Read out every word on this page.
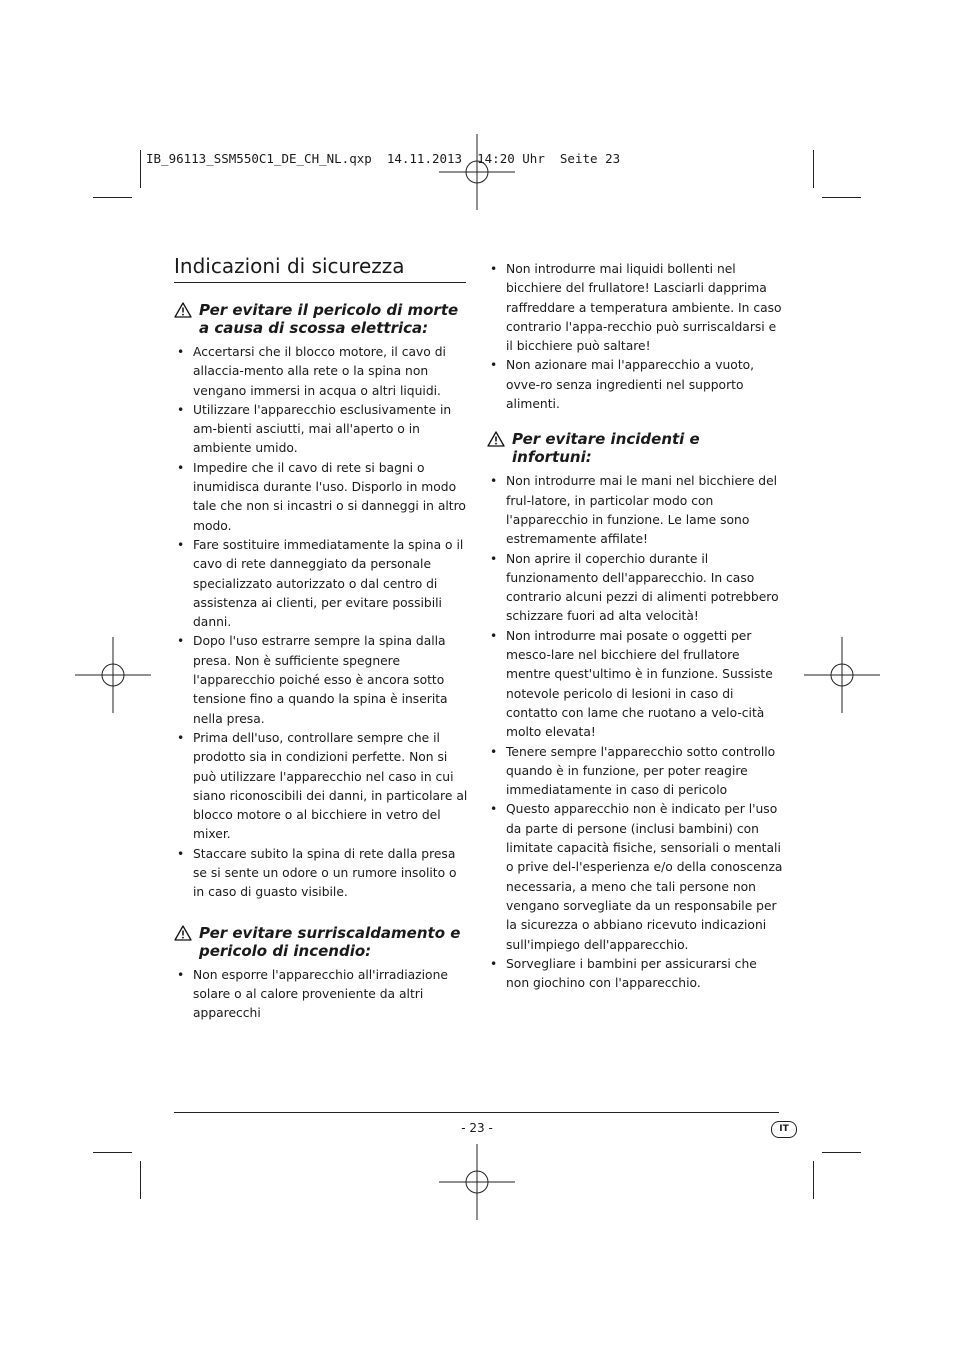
IB_96113_SSM550C1_DE_CH_NL.qxp  14.11.2013  14:20 Uhr  Seite 23
Indicazioni di sicurezza
Per evitare il pericolo di morte a causa di scossa elettrica:
• Accertarsi che il blocco motore, il cavo di allaccia-mento alla rete o la spina non vengano immersi in acqua o altri liquidi.
• Utilizzare l'apparecchio esclusivamente in am-bienti asciutti, mai all'aperto o in ambiente umido.
• Impedire che il cavo di rete si bagni o inumidisca durante l'uso. Disporlo in modo tale che non si incastri o si danneggi in altro modo.
• Fare sostituire immediatamente la spina o il cavo di rete danneggiato da personale specializzato autorizzato o dal centro di assistenza ai clienti, per evitare possibili danni.
• Dopo l'uso estrarre sempre la spina dalla presa. Non è sufficiente spegnere l'apparecchio poiché esso è ancora sotto tensione fino a quando la spina è inserita nella presa.
• Prima dell'uso, controllare sempre che il prodotto sia in condizioni perfette. Non si può utilizzare l'apparecchio nel caso in cui siano riconoscibili dei danni, in particolare al blocco motore o al bicchiere in vetro del mixer.
• Staccare subito la spina di rete dalla presa se si sente un odore o un rumore insolito o in caso di guasto visibile.
Per evitare surriscaldamento e pericolo di incendio:
• Non esporre l'apparecchio all'irradiazione solare o al calore proveniente da altri apparecchi
• Non introdurre mai liquidi bollenti nel bicchiere del frullatore! Lasciarli dapprima raffreddare a temperatura ambiente. In caso contrario l'appa-recchio può surriscaldarsi e il bicchiere può saltare!
• Non azionare mai l'apparecchio a vuoto, ovve-ro senza ingredienti nel supporto alimenti.
Per evitare incidenti e infortuni:
• Non introdurre mai le mani nel bicchiere del frul-latore, in particolar modo con l'apparecchio in funzione. Le lame sono estremamente affilate!
• Non aprire il coperchio durante il funzionamento dell'apparecchio. In caso contrario alcuni pezzi di alimenti potrebbero schizzare fuori ad alta velocità!
• Non introdurre mai posate o oggetti per mesco-lare nel bicchiere del frullatore mentre quest'ultimo è in funzione. Sussiste notevole pericolo di lesioni in caso di contatto con lame che ruotano a velo-cità molto elevata!
• Tenere sempre l'apparecchio sotto controllo quando è in funzione, per poter reagire immediatamente in caso di pericolo
• Questo apparecchio non è indicato per l'uso da parte di persone (inclusi bambini) con limitate capacità fisiche, sensoriali o mentali o prive del-l'esperienza e/o della conoscenza necessaria, a meno che tali persone non vengano sorvegliate da un responsabile per la sicurezza o abbiano ricevuto indicazioni sull'impiego dell'apparecchio.
• Sorvegliare i bambini per assicurarsi che non giochino con l'apparecchio.
- 23 -	IT
